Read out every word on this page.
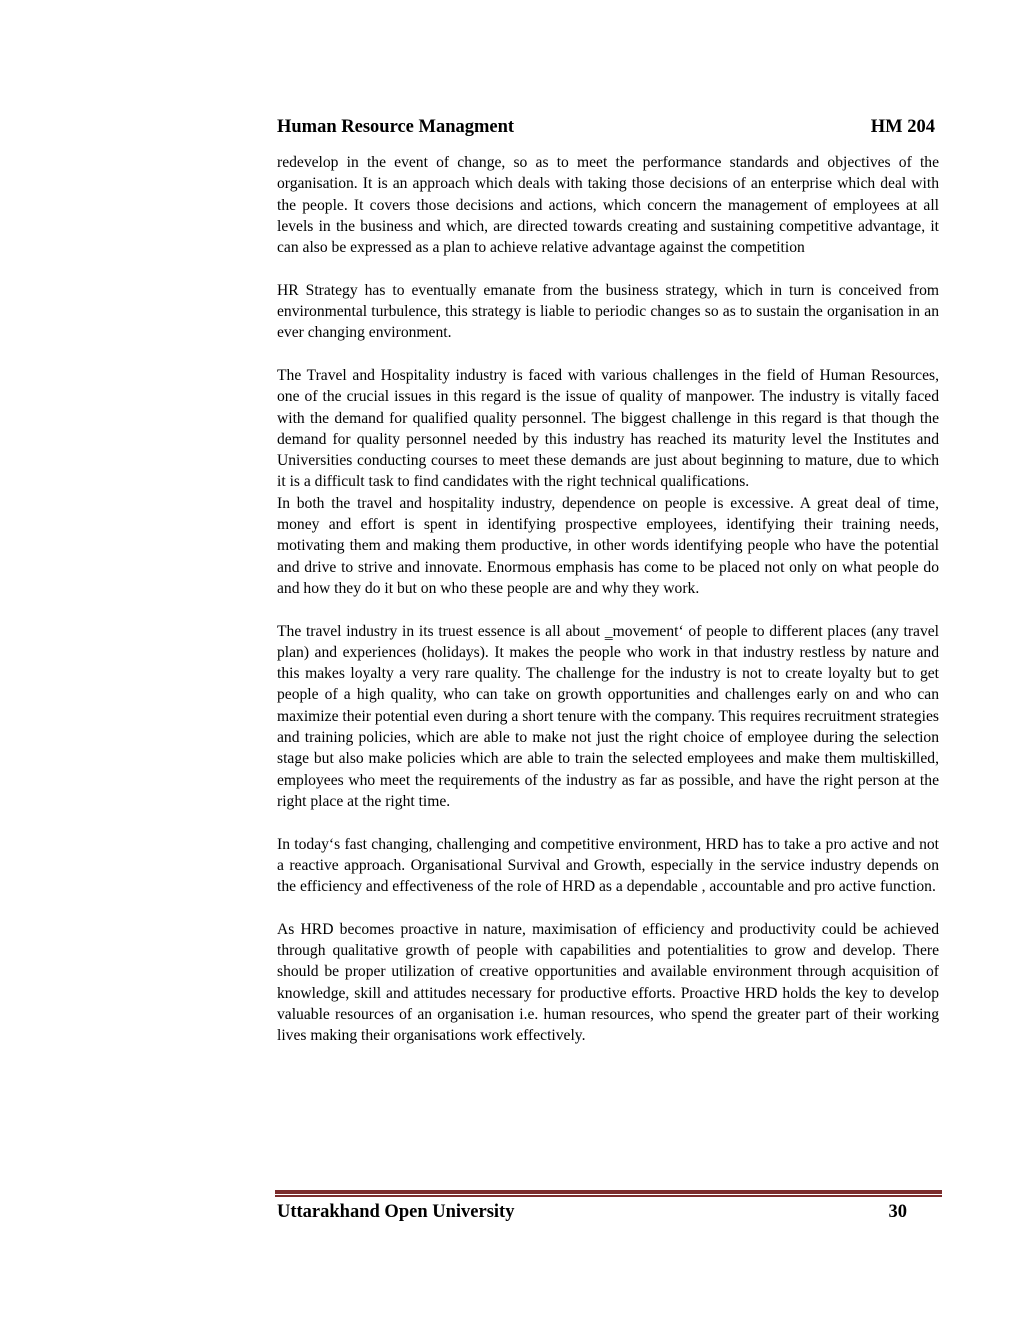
Human Resource Managment	HM 204

redevelop in the event of change, so as to meet the performance standards and objectives of the organisation. It is an approach which deals with taking those decisions of an enterprise which deal with the people. It covers those decisions and actions, which concern the management of employees at all levels in the business and which, are directed towards creating and sustaining competitive advantage, it can also be expressed as a plan to achieve relative advantage against the competition

HR Strategy has to eventually emanate from the business strategy, which in turn is conceived from environmental turbulence, this strategy is liable to periodic changes so as to sustain the organisation in an ever changing environment.

The Travel and Hospitality industry is faced with various challenges in the field of Human Resources, one of the crucial issues in this regard is the issue of quality of manpower. The industry is vitally faced with the demand for qualified quality personnel. The biggest challenge in this regard is that though the demand for quality personnel needed by this industry has reached its maturity level the Institutes and Universities conducting courses to meet these demands are just about beginning to mature, due to which it is a difficult task to find candidates with the right technical qualifications.

In both the travel and hospitality industry, dependence on people is excessive. A great deal of time, money and effort is spent in identifying prospective employees, identifying their training needs, motivating them and making them productive, in other words identifying people who have the potential and drive to strive and innovate. Enormous emphasis has come to be placed not only on what people do and how they do it but on who these people are and why they work.

The travel industry in its truest essence is all about ‗movement‘ of people to different places (any travel plan) and experiences (holidays). It makes the people who work in that industry restless by nature and this makes loyalty a very rare quality. The challenge for the industry is not to create loyalty but to get people of a high quality, who can take on growth opportunities and challenges early on and who can maximize their potential even during a short tenure with the company. This requires recruitment strategies and training policies, which are able to make not just the right choice of employee during the selection stage but also make policies which are able to train the selected employees and make them multiskilled, employees who meet the requirements of the industry as far as possible, and have the right person at the right place at the right time.

In today‘s fast changing, challenging and competitive environment, HRD has to take a pro active and not a reactive approach. Organisational Survival and Growth, especially in the service industry depends on the efficiency and effectiveness of the role of HRD as a dependable , accountable and pro active function.

As HRD becomes proactive in nature, maximisation of efficiency and productivity could be achieved through qualitative growth of people with capabilities and potentialities to grow and develop. There should be proper utilization of creative opportunities and available environment through acquisition of knowledge, skill and attitudes necessary for productive efforts. Proactive HRD holds the key to develop valuable resources of an organisation i.e. human resources, who spend the greater part of their working lives making their organisations work effectively.

Uttarakhand Open University	30
